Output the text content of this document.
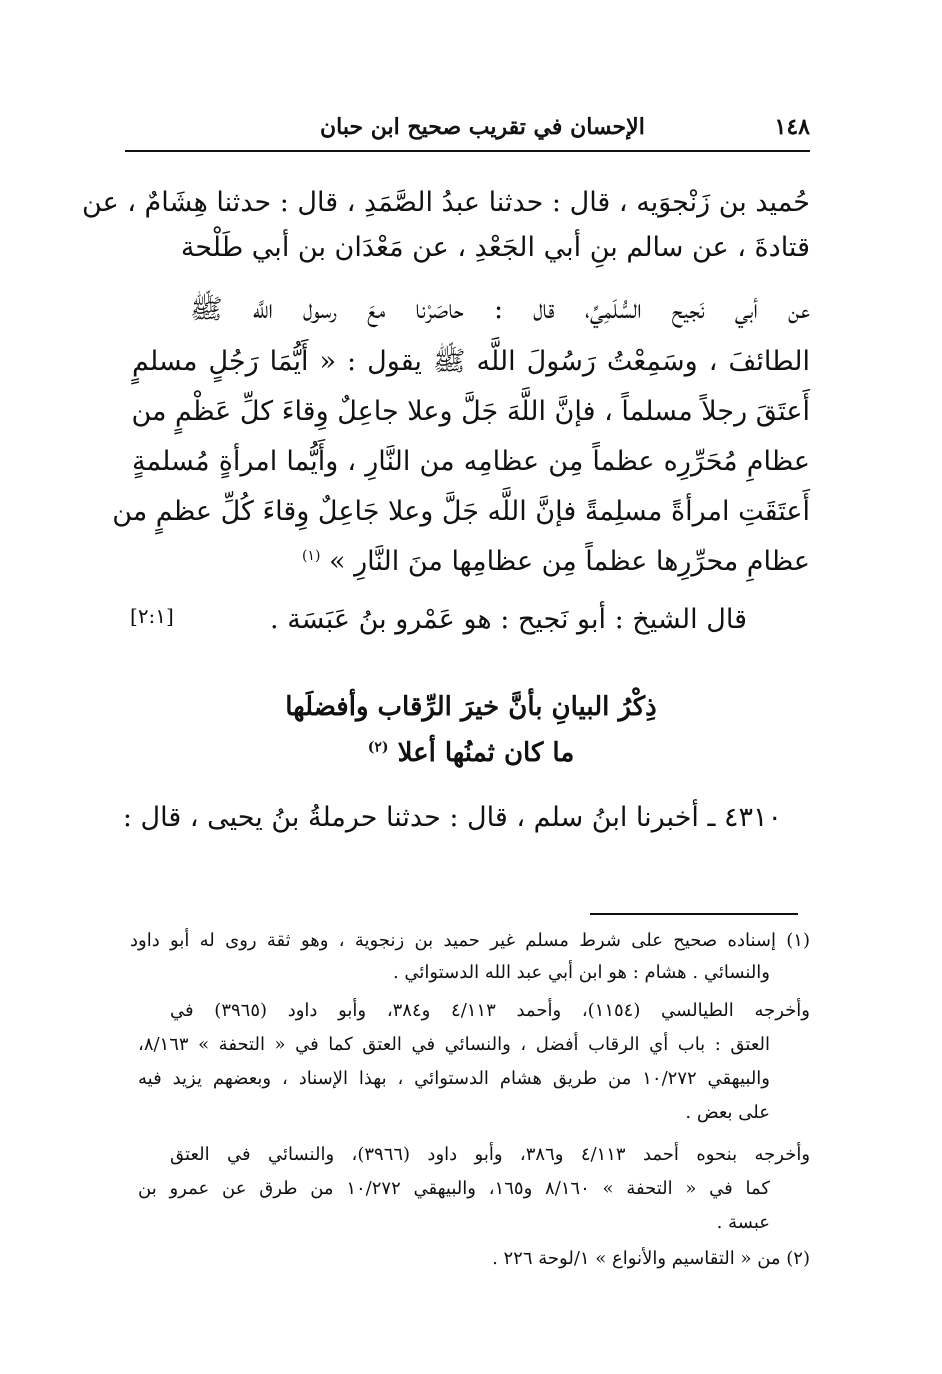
١٤٨
الإحسان في تقريب صحيح ابن حبان
حُميد بن زَنْجوَيه ، قال : حدثنا عبدُ الصَّمَدِ ، قال : حدثنا هِشَامٌ ، عن
قتادةَ ، عن سالم بنِ أبي الجَعْدِ ، عن مَعْدَان بن أبي طَلْحة
عن أبي نَجيح السُّلَمِيِّ، قال : حاصَرْنا معَ رسول اللَّه ﷺ
الطائفَ ، وسَمِعْتُ رَسُولَ اللَّه ﷺ يقول : « أَيُّمَا رَجُلٍ مسلمٍ
أَعتَقَ رجلاً مسلماً ، فإنَّ اللَّهَ جَلَّ وعلا جاعِلٌ وِقاءَ كلِّ عَظْمٍ من
عظامِ مُحَرِّرِه عظماً مِن عظامِه من النَّارِ ، وأَيُّما امرأةٍ مُسلمةٍ
أَعتَقَتِ امرأةً مسلِمةً فإنَّ اللَّه جَلَّ وعلا جَاعِلٌ وِقاءَ كُلِّ عظمٍ من
عظامِ محرِّرِها عظماً مِن عظامِها منَ النَّارِ » $^{(١)}$
قال الشيخ : أبو نَجيح : هو عَمْرو بنُ عَبَسَة .
[٢:١]
ذِكْرُ البيانِ بأنَّ خيرَ الرِّقاب وأفضلَها
ما كان ثمنُها أعلا $^{(٢)}$
٤٣١٠ ـ أخبرنا ابنُ سلم ، قال : حدثنا حرملةُ بنُ يحيى ، قال :
(١) إسناده صحيح على شرط مسلم غير حميد بن زنجوية ، وهو ثقة روى له أبو داود
والنسائي . هشام : هو ابن أبي عبد الله الدستوائي .
وأخرجه الطيالسي (١١٥٤)، وأحمد ٤/١١٣ و٣٨٤، وأبو داود (٣٩٦٥) في
العتق : باب أي الرقاب أفضل ، والنسائي في العتق كما في « التحفة » ٨/١٦٣،
والبيهقي ١٠/٢٧٢ من طريق هشام الدستوائي ، بهذا الإسناد ، وبعضهم يزيد فيه
على بعض .
وأخرجه بنحوه أحمد ٤/١١٣ و٣٨٦، وأبو داود (٣٩٦٦)، والنسائي في العتق
كما في « التحفة » ٨/١٦٠ و١٦٥، والبيهقي ١٠/٢٧٢ من طرق عن عمرو بن
عبسة .
(٢) من « التقاسيم والأنواع » ١/لوحة ٢٢٦ .
